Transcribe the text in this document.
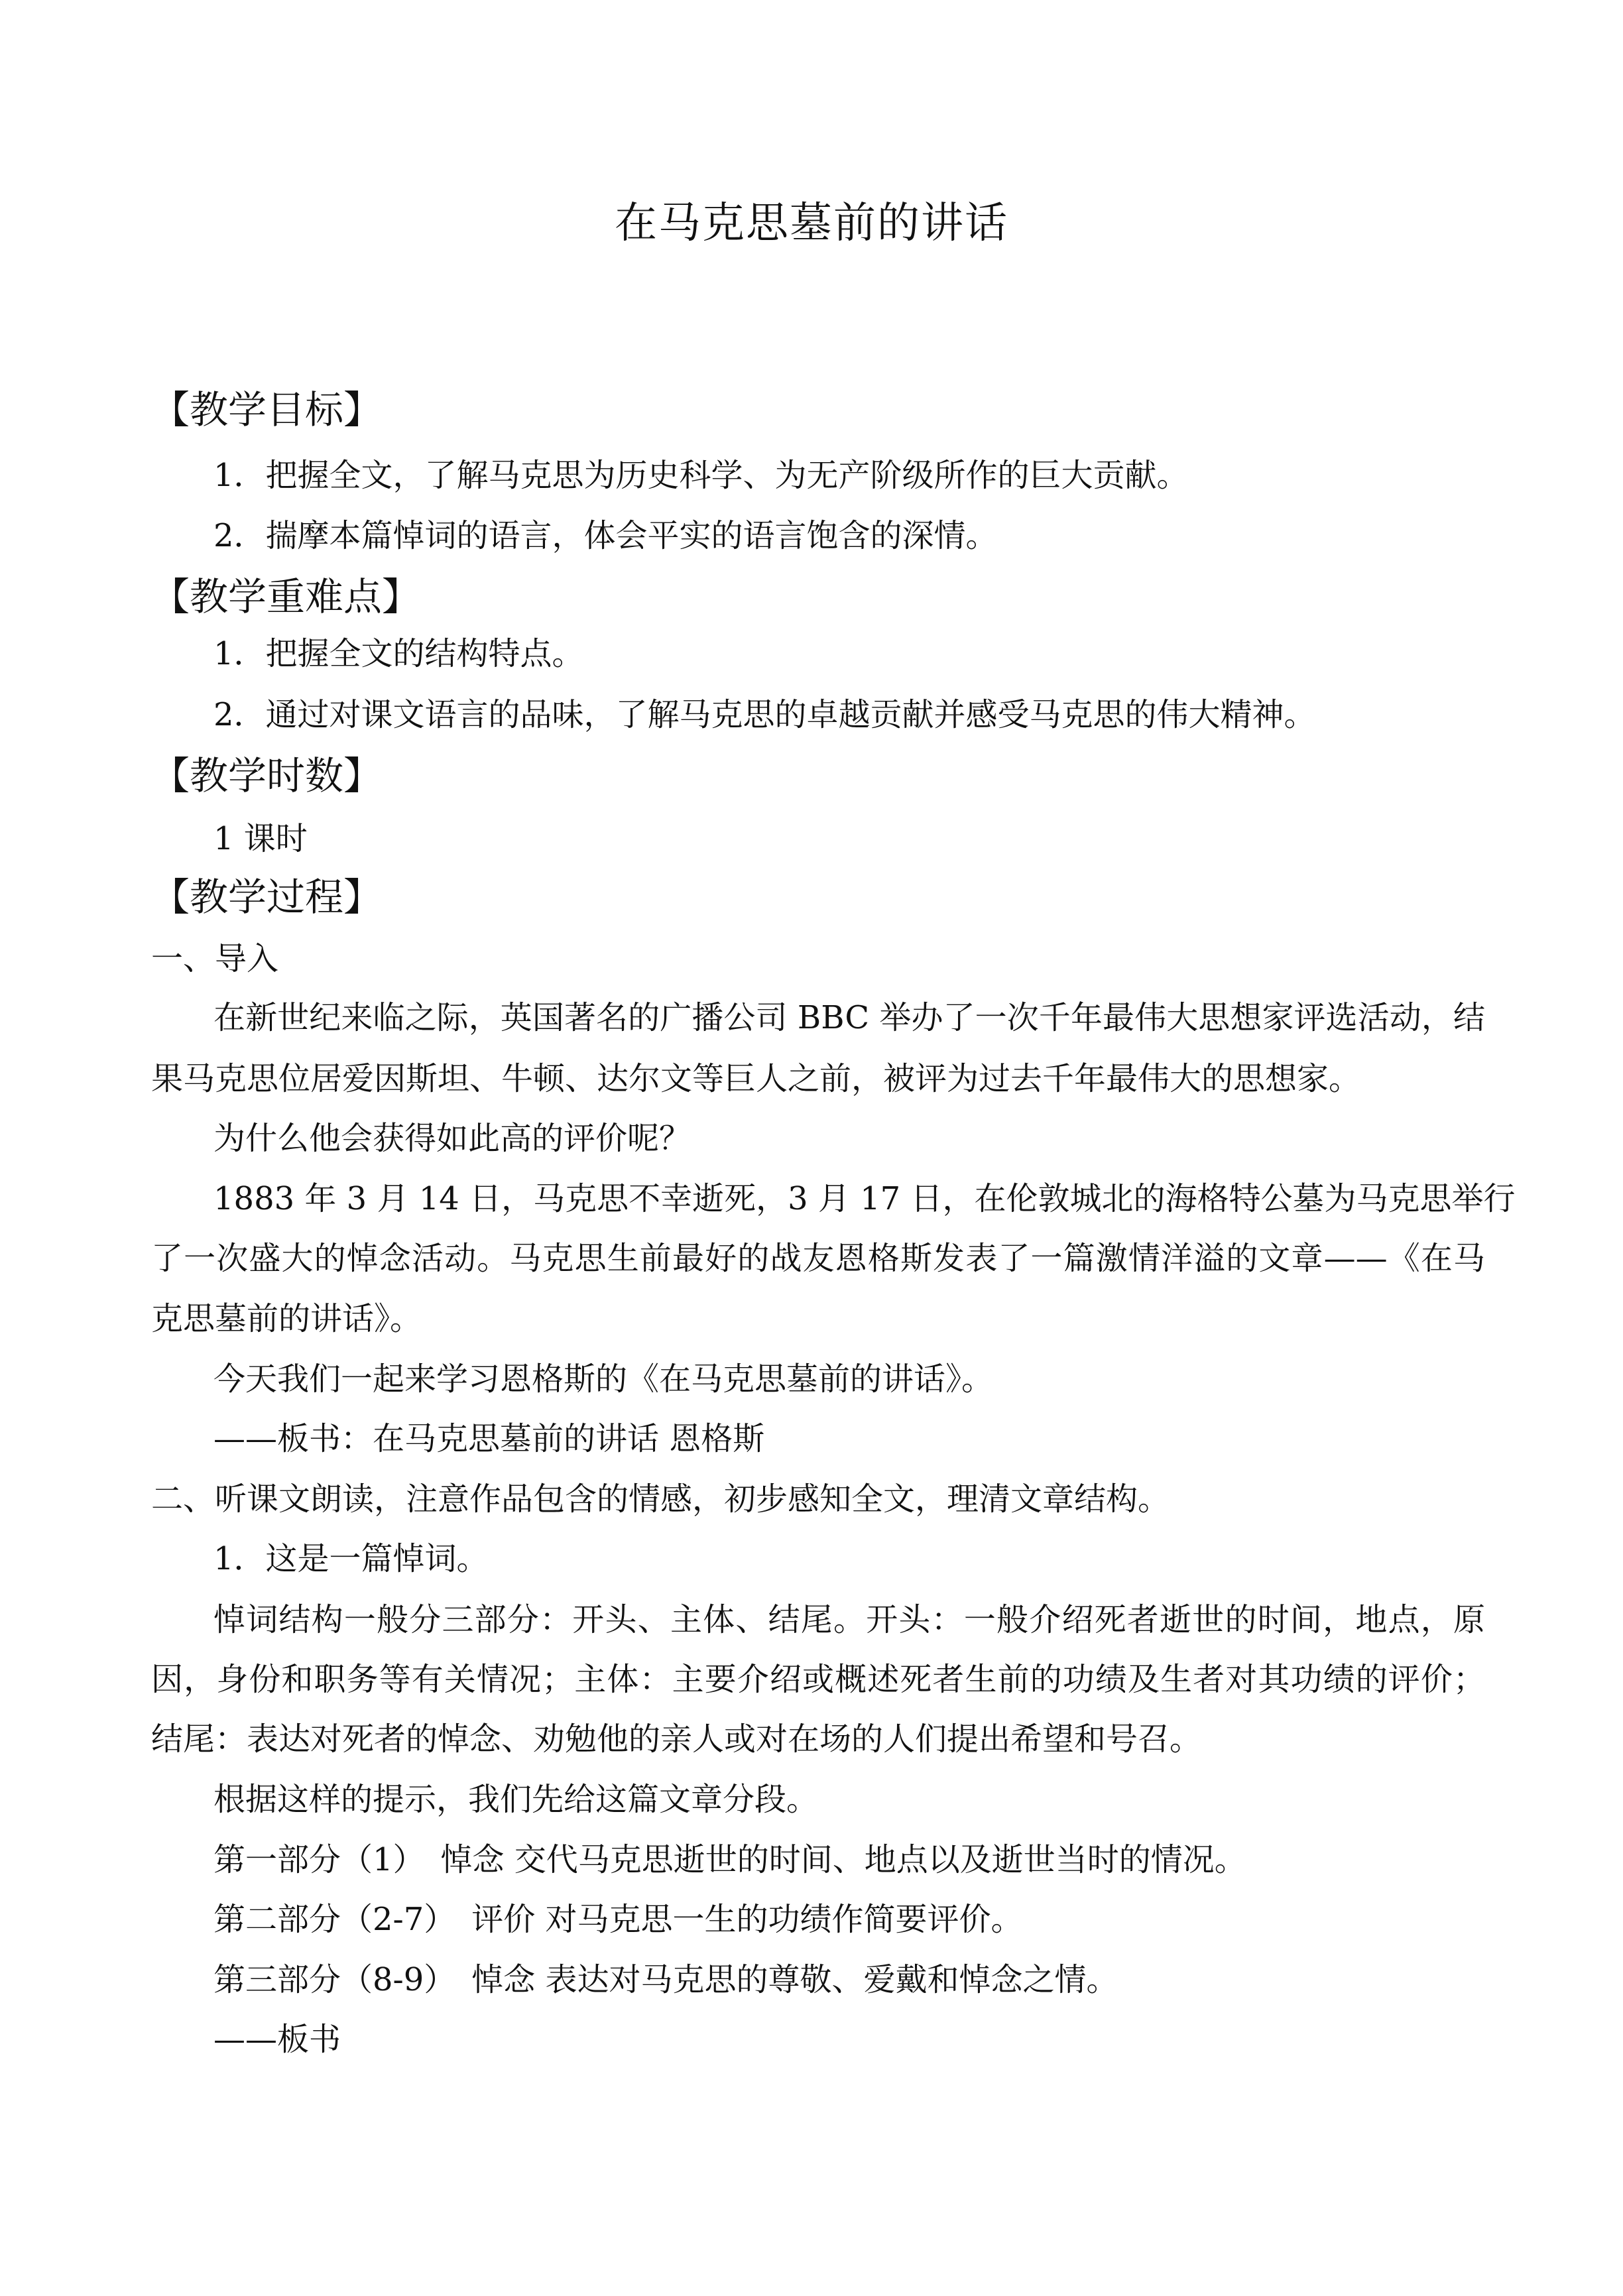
在马克思墓前的讲话
【教学目标】
1．把握全文，了解马克思为历史科学、为无产阶级所作的巨大贡献。
2．揣摩本篇悼词的语言，体会平实的语言饱含的深情。
【教学重难点】
1．把握全文的结构特点。
2．通过对课文语言的品味，了解马克思的卓越贡献并感受马克思的伟大精神。
【教学时数】
1 课时
【教学过程】
一、导入
在新世纪来临之际，英国著名的广播公司 BBC 举办了一次千年最伟大思想家评选活动，结
果马克思位居爱因斯坦、牛顿、达尔文等巨人之前，被评为过去千年最伟大的思想家。
为什么他会获得如此高的评价呢？
1883 年 3 月 14 日，马克思不幸逝死，3 月 17 日，在伦敦城北的海格特公墓为马克思举行
了一次盛大的悼念活动。马克思生前最好的战友恩格斯发表了一篇激情洋溢的文章——《在马
克思墓前的讲话》。
今天我们一起来学习恩格斯的《在马克思墓前的讲话》。
——板书：在马克思墓前的讲话 恩格斯
二、听课文朗读，注意作品包含的情感，初步感知全文，理清文章结构。
1．这是一篇悼词。
悼词结构一般分三部分：开头、主体、结尾。开头：一般介绍死者逝世的时间，地点，原
因，身份和职务等有关情况；主体：主要介绍或概述死者生前的功绩及生者对其功绩的评价；
结尾：表达对死者的悼念、劝勉他的亲人或对在场的人们提出希望和号召。
根据这样的提示，我们先给这篇文章分段。
第一部分（1）　悼念 交代马克思逝世的时间、地点以及逝世当时的情况。
第二部分（2-7）　评价 对马克思一生的功绩作简要评价。
第三部分（8-9）　悼念 表达对马克思的尊敬、爱戴和悼念之情。
——板书
